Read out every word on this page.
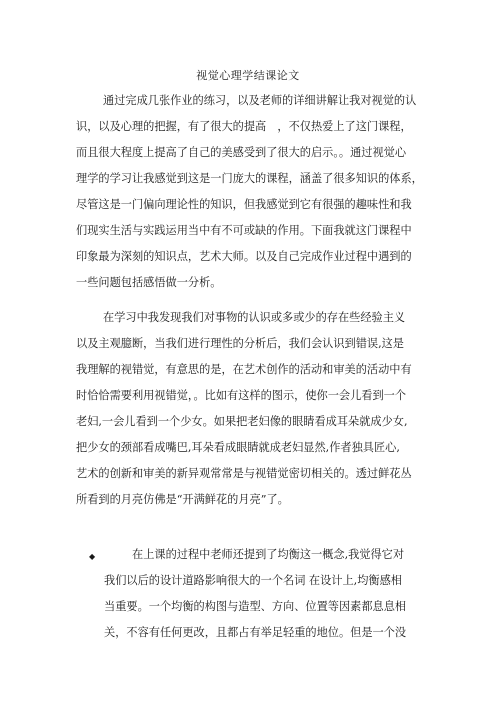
视觉心理学结课论文
通过完成几张作业的练习，以及老师的详细讲解让我对视觉的认
识，以及心理的把握，有了很大的提高　，不仅热爱上了这门课程，
而且很大程度上提高了自己的美感受到了很大的启示。。通过视觉心
理学的学习让我感觉到这是一门庞大的课程，涵盖了很多知识的体系，
尽管这是一门偏向理论性的知识，但我感觉到它有很强的趣味性和我
们现实生活与实践运用当中有不可或缺的作用。下面我就这门课程中
印象最为深刻的知识点，艺术大师。以及自己完成作业过程中遇到的
一些问题包括感悟做一分析。
在学习中我发现我们对事物的认识或多或少的存在些经验主义
以及主观臆断，当我们进行理性的分析后，我们会认识到错误,这是
我理解的视错觉，有意思的是，在艺术创作的活动和审美的活动中有
时恰恰需要利用视错觉，。比如有这样的图示，使你一会儿看到一个
老妇,一会儿看到一个少女。如果把老妇像的眼睛看成耳朵就成少女,
把少女的颈部看成嘴巴,耳朵看成眼睛就成老妇显然,作者独具匠心,
艺术的创新和审美的新异观常常是与视错觉密切相关的。透过鲜花丛
所看到的月亮仿佛是“开满鲜花的月亮”了。
◆	在上课的过程中老师还提到了均衡这一概念,我觉得它对
我们以后的设计道路影响很大的一个名词 在设计上,均衡感相
当重要。一个均衡的构图与造型、方向、位置等因素都息息相
关，不容有任何更改，且都占有举足轻重的地位。但是一个没
